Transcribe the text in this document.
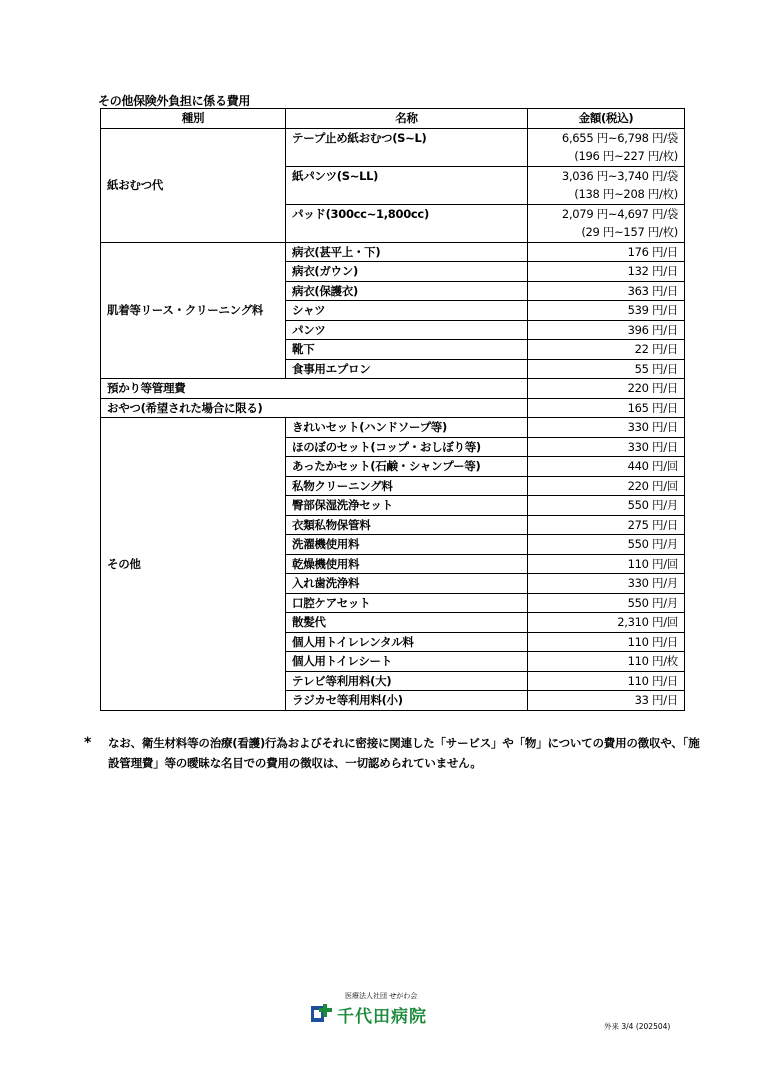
その他保険外負担に係る費用
種別	名称	金額(税込)
紙おむつ代	テープ止め紙おむつ(S~L)	6,655 円~6,798 円/袋
		(196 円~227 円/枚)
	紙パンツ(S~LL)	3,036 円~3,740 円/袋
		(138 円~208 円/枚)
	パッド(300cc~1,800cc)	2,079 円~4,697 円/袋
		(29 円~157 円/枚)
肌着等リース・クリーニング料	病衣(甚平上・下)	176 円/日
	病衣(ガウン)	132 円/日
	病衣(保護衣)	363 円/日
	シャツ	539 円/日
	パンツ	396 円/日
	靴下	22 円/日
	食事用エプロン	55 円/日
預かり等管理費		220 円/日
おやつ(希望された場合に限る)		165 円/日
その他	きれいセット(ハンドソープ等)	330 円/日
	ほのぼのセット(コップ・おしぼり等)	330 円/日
	あったかセット(石鹸・シャンプー等)	440 円/回
	私物クリーニング料	220 円/回
	臀部保湿洗浄セット	550 円/月
	衣類私物保管料	275 円/日
	洗濯機使用料	550 円/月
	乾燥機使用料	110 円/回
	入れ歯洗浄料	330 円/月
	口腔ケアセット	550 円/月
	散髪代	2,310 円/回
	個人用トイレレンタル料	110 円/日
	個人用トイレシート	110 円/枚
	テレビ等利用料(大)	110 円/日
	ラジカセ等利用料(小)	33 円/日
*	なお、衛生材料等の治療(看護)行為およびそれに密接に関連した「サービス」や「物」についての費用の徴収や、「施設管理費」等の曖昧な名目での費用の徴収は、一切認められていません。
医療法人社団 せがわ会
千代田病院	外来 3/4 (202504)
